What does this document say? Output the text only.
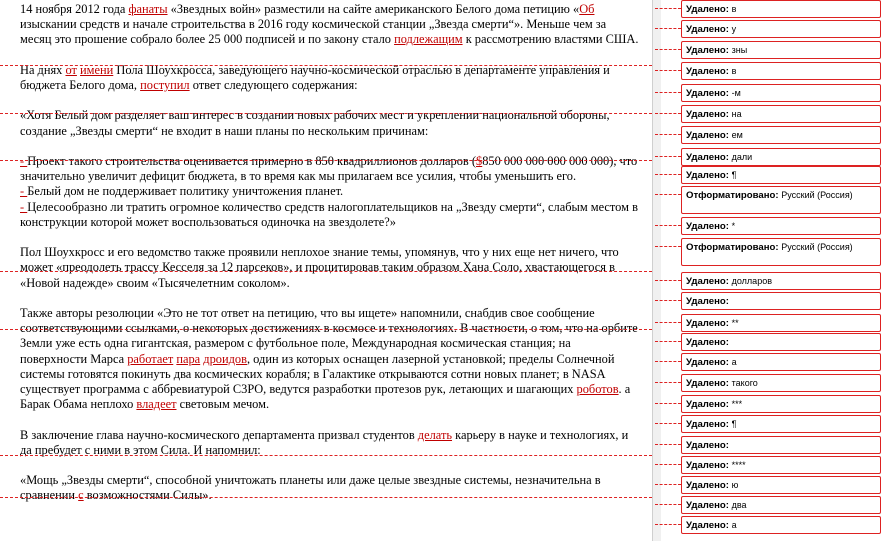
14 ноября 2012 года фанаты «Звездных войн» разместили на сайте американского Белого дома петицию «Об изыскании средств и начале строительства в 2016 году космической станции „Звезда смерти“». Меньше чем за месяц это прошение собрало более 25 000 подписей и по закону стало подлежащим к рассмотрению властями США.

На днях от имени Пола Шоухкросса, заведующего научно-космической отраслью в департаменте управления и бюджета Белого дома, поступил ответ следующего содержания:

«Хотя Белый дом разделяет ваш интерес в создании новых рабочих мест и укреплении национальной обороны, создание „Звезды смерти“ не входит в наши планы по нескольким причинам:

- Проект такого строительства оценивается примерно в 850 квадриллионов долларов ($850 000 000 000 000 000), что значительно увеличит дефицит бюджета, в то время как мы прилагаем все усилия, чтобы уменьшить его.
- Белый дом не поддерживает политику уничтожения планет.
- Целесообразно ли тратить огромное количество средств налогоплательщиков на „Звезду смерти“, слабым местом в конструкции которой может воспользоваться одиночка на звездолете?»

Пол Шоухкросс и его ведомство также проявили неплохое знание темы, упомянув, что у них еще нет ничего, что может «преодолеть трассу Кесселя за 12 парсеков», и процитировав таким образом Хана Соло, хвастающегося в «Новой надежде» своим «Тысячелетним соколом».

Также авторы резолюции «Это не тот ответ на петицию, что вы ищете» напомнили, снабдив свое сообщение соответствующими ссылками, о некоторых достижениях в космосе и технологиях. В частности, о том, что на орбите Земли уже есть одна гигантская, размером с футбольное поле, Международная космическая станция; на поверхности Марса работает пара дроидов, один из которых оснащен лазерной установкой; пределы Солнечной системы готовятся покинуть два космических корабля; в Галактике открываются сотни новых планет; в NASA существует программа с аббревиатурой C3PO, ведутся разработки протезов рук, летающих и шагающих роботов. а Барак Обама неплохо владеет световым мечом.

В заключение глава научно-космического департамента призвал студентов делать карьеру в науке и технологиях, и да пребудет с ними в этом Сила. И напомнил:

«Мощь „Звезды смерти“, способной уничтожать планеты или даже целые звездные системы, незначительна в сравнении с возможностями Силы».

Удалено: в
Удалено: у
Удалено: зны
Удалено: в
Удалено: -м
Удалено: на
Удалено: ем
Удалено: дали
Удалено: ¶
Отформатировано: Русский (Россия)
Удалено: *
Отформатировано: Русский (Россия)
Удалено: долларов
Удалено:
Удалено: **
Удалено:
Удалено: а
Удалено: такого
Удалено: ***
Удалено: ¶
Удалено:
Удалено: ****
Удалено: ю
Удалено: два
Удалено: а
